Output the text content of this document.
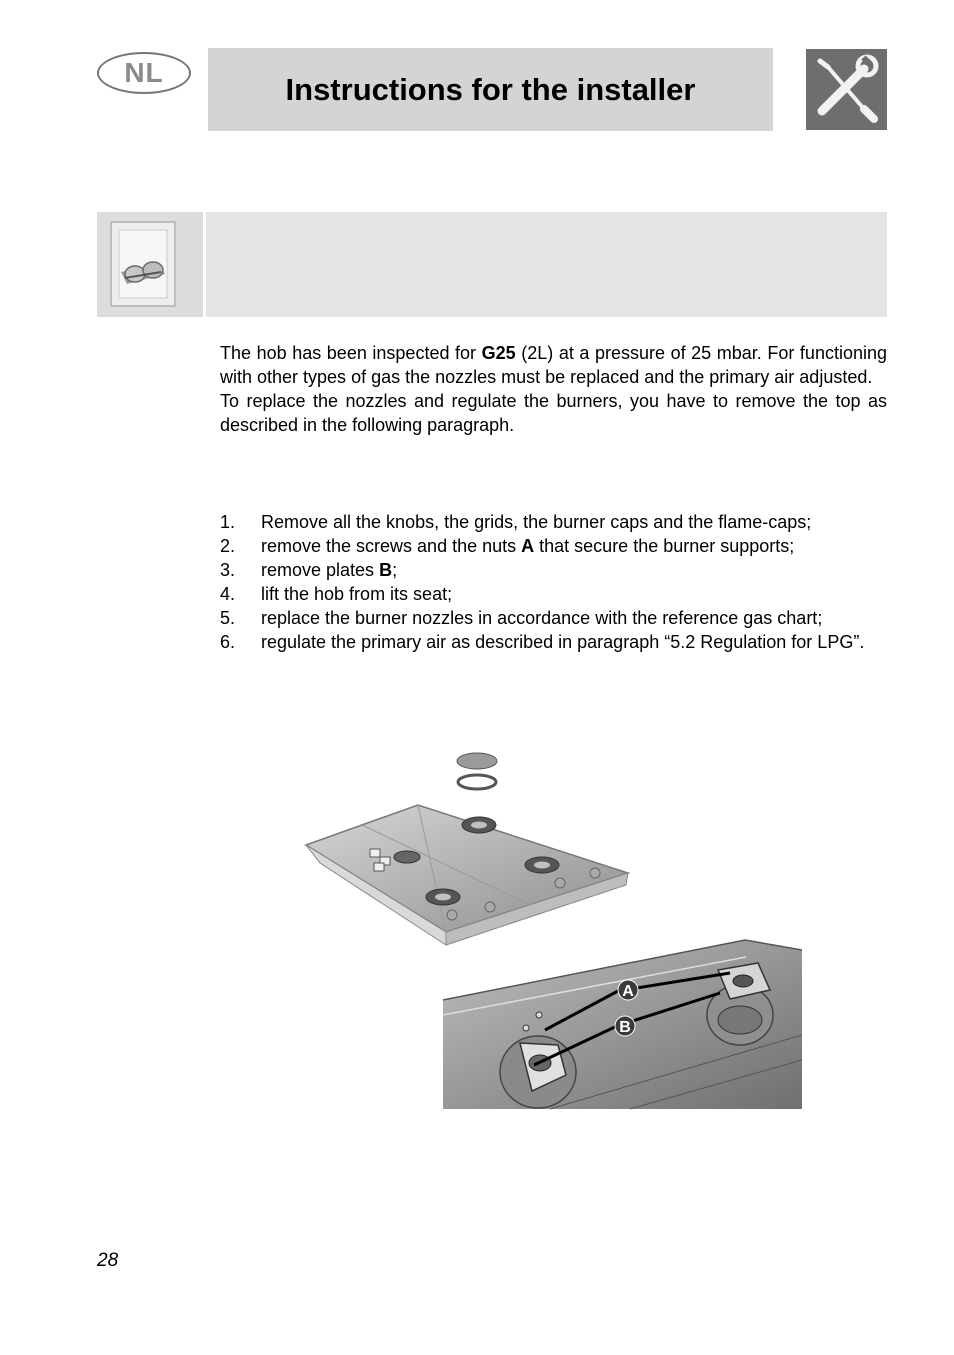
NL	Instructions for the installer

The hob has been inspected for G25 (2L) at a pressure of 25 mbar. For functioning with other types of gas the nozzles must be replaced and the primary air adjusted.

To replace the nozzles and regulate the burners, you have to remove the top as described in the following paragraph.

1.	Remove all the knobs, the grids, the burner caps and the flame-caps;
2.	remove the screws and the nuts A that secure the burner supports;
3.	remove plates B;
4.	lift the hob from its seat;
5.	replace the burner nozzles in accordance with the reference gas chart;
6.	regulate the primary air as described in paragraph “5.2 Regulation for LPG”.
A
B
28
